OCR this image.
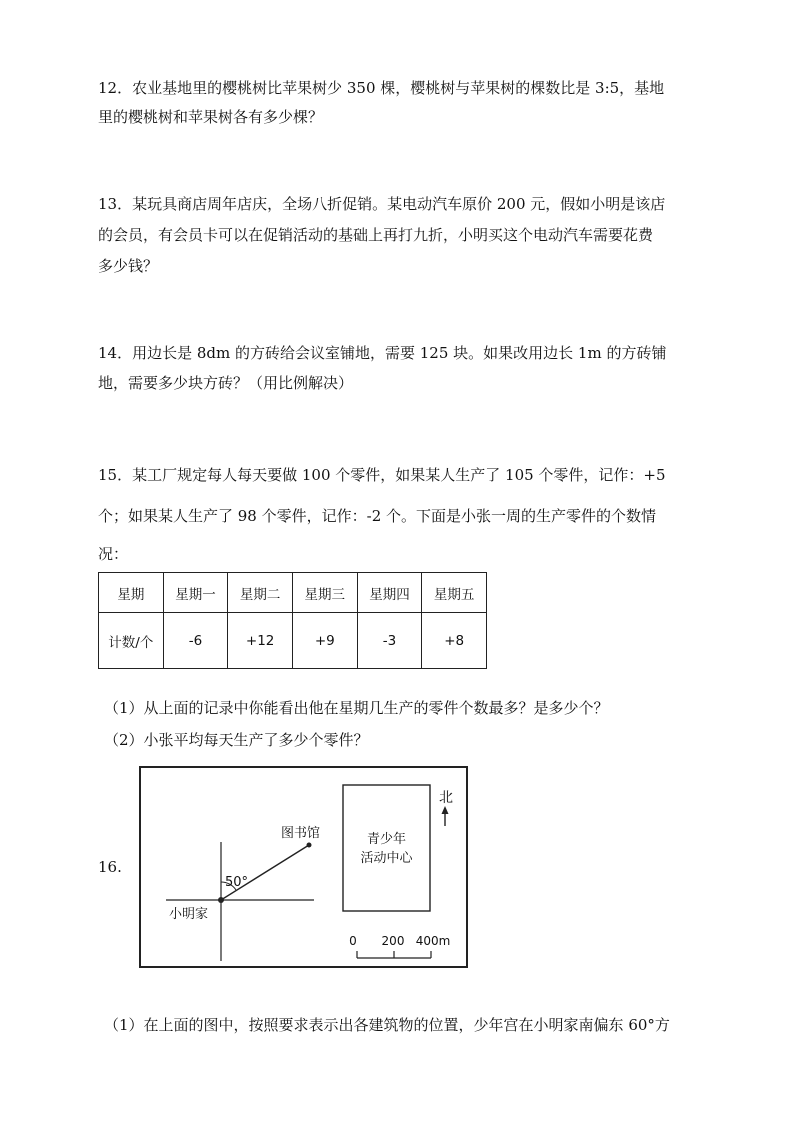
12．农业基地里的樱桃树比苹果树少 350 棵，樱桃树与苹果树的棵数比是 3:5，基地
里的樱桃树和苹果树各有多少棵？
13．某玩具商店周年店庆，全场八折促销。某电动汽车原价 200 元，假如小明是该店
的会员，有会员卡可以在促销活动的基础上再打九折，小明买这个电动汽车需要花费
多少钱？
14．用边长是 8dm 的方砖给会议室铺地，需要 125 块。如果改用边长 1m 的方砖铺
地，需要多少块方砖？（用比例解决）
15．某工厂规定每人每天要做 100 个零件，如果某人生产了 105 个零件，记作：+5
个；如果某人生产了 98 个零件，记作：-2 个。下面是小张一周的生产零件的个数情
况：
星期	星期一	星期二	星期三	星期四	星期五
计数/个	-6	+12	+9	-3	+8
（1）从上面的记录中你能看出他在星期几生产的零件个数最多？是多少个？
（2）小张平均每天生产了多少个零件？
16.
50°
图书馆
小明家
青少年
活动中心
北
0 200 400m
（1）在上面的图中，按照要求表示出各建筑物的位置，少年宫在小明家南偏东 60°方
